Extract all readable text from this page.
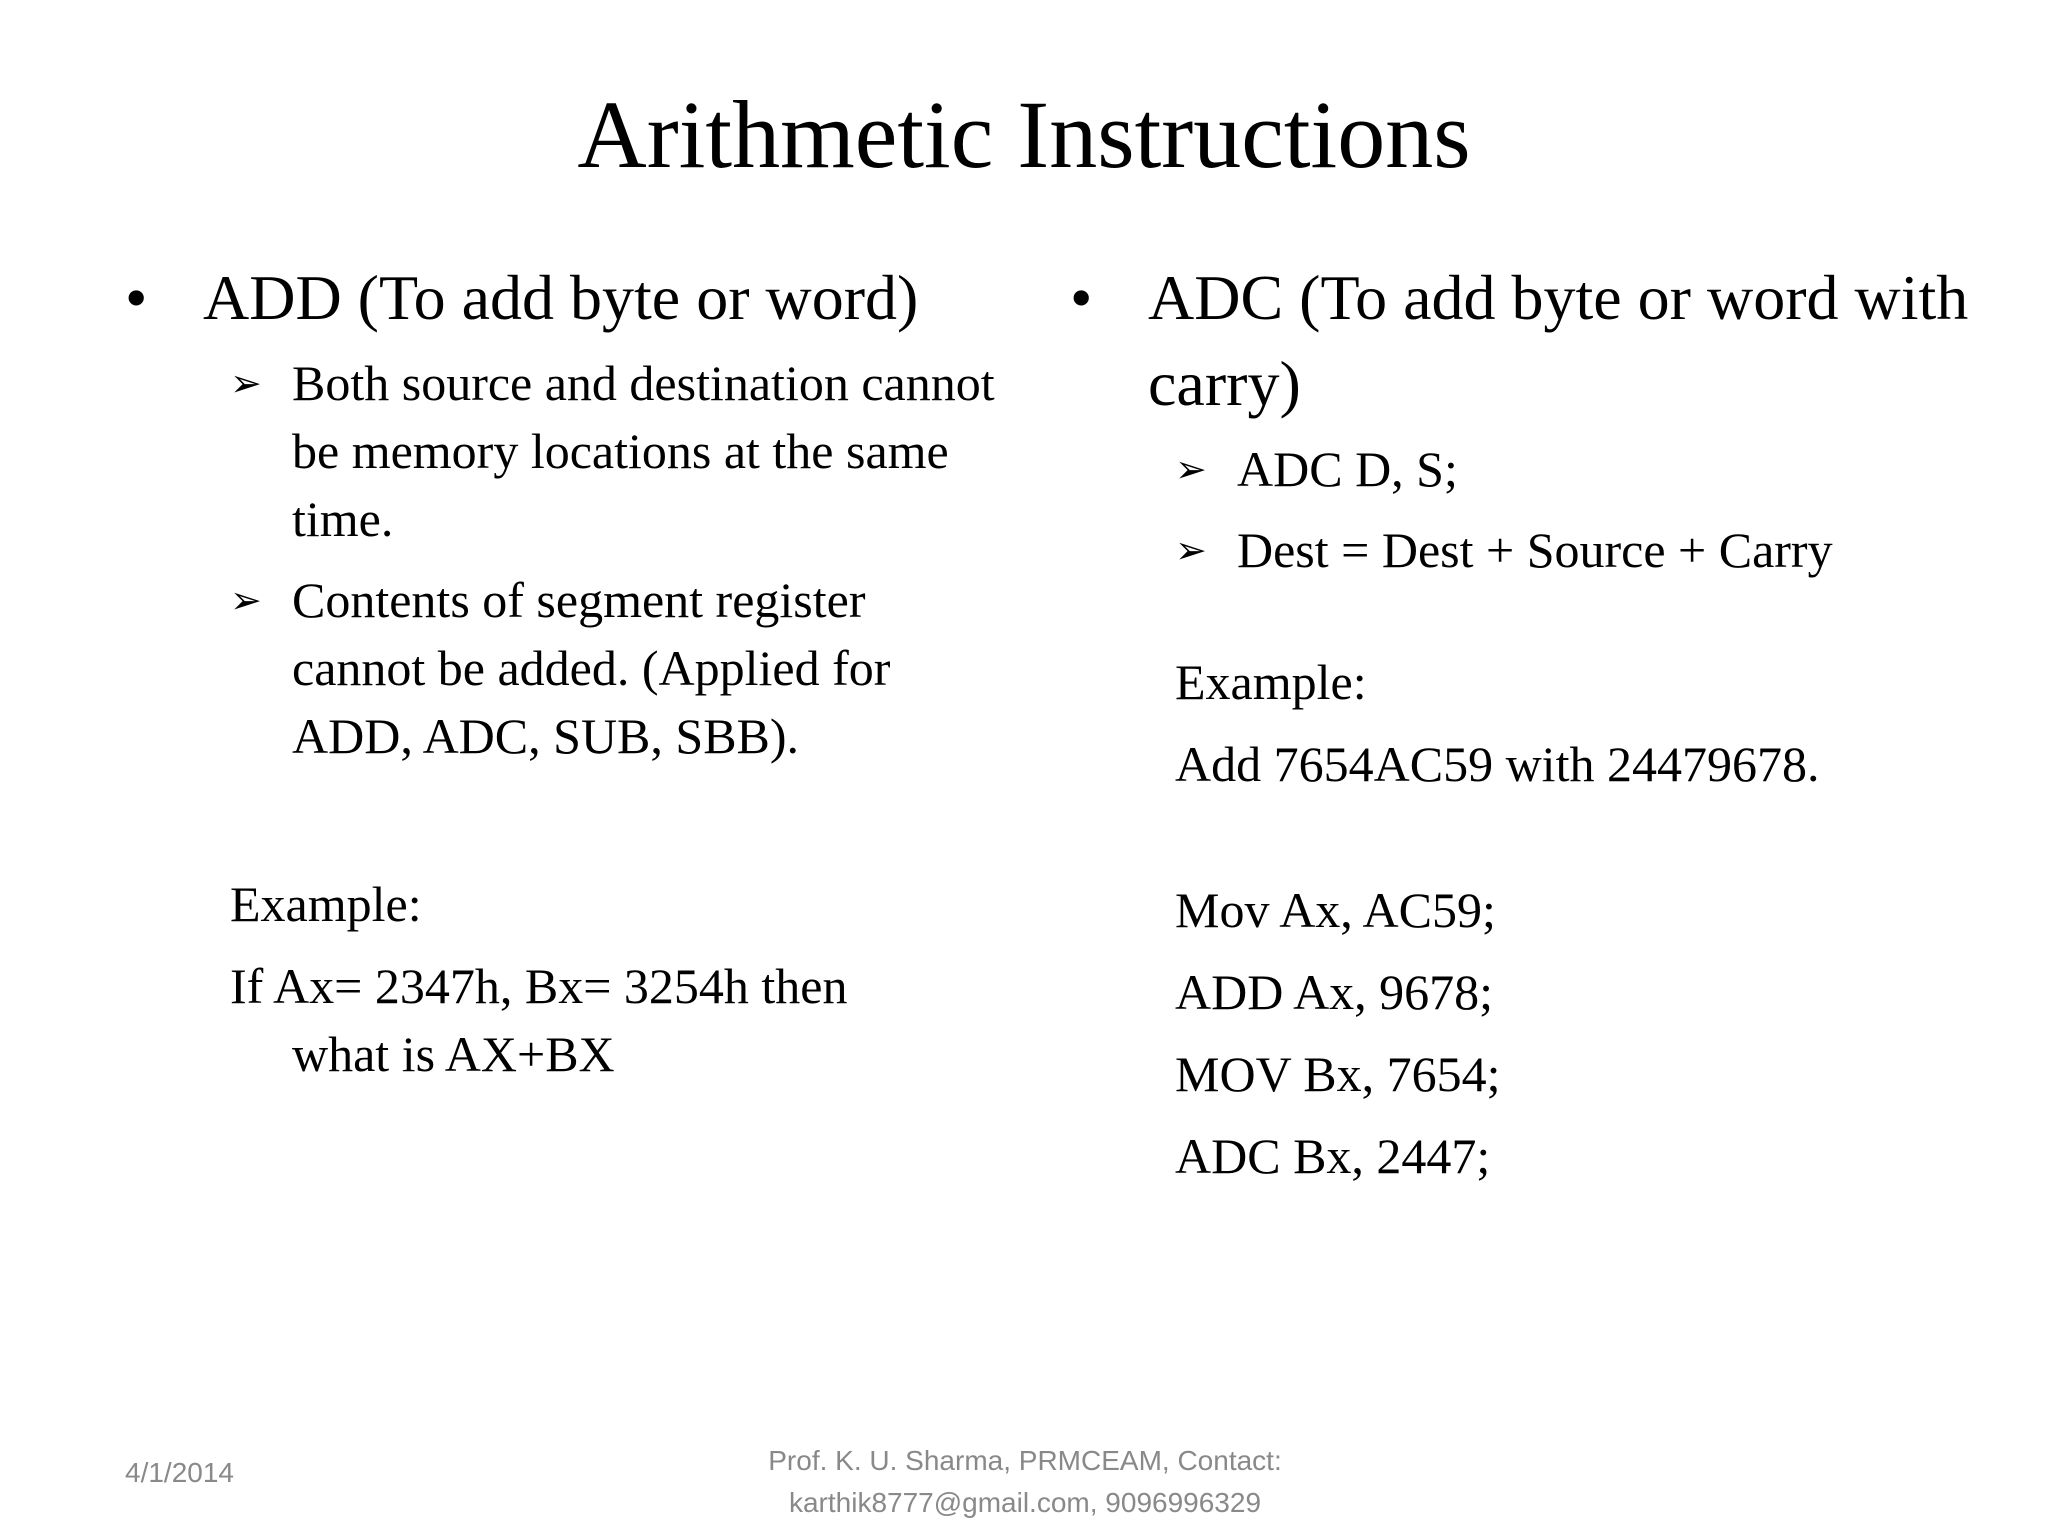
Arithmetic Instructions
• ADD (To add byte or word)
➢ Both source and destination cannot be memory locations at the same time.
➢ Contents of segment register cannot be added. (Applied for ADD, ADC, SUB, SBB).
Example:
If Ax= 2347h, Bx= 3254h then
what is AX+BX
• ADC (To add byte or word with carry)
➢ ADC D, S;
➢ Dest = Dest + Source + Carry
Example:
Add 7654AC59 with 24479678.
Mov Ax, AC59;
ADD Ax, 9678;
MOV Bx, 7654;
ADC Bx, 2447;
4/1/2014	Prof. K. U. Sharma, PRMCEAM, Contact:
karthik8777@gmail.com, 9096996329
